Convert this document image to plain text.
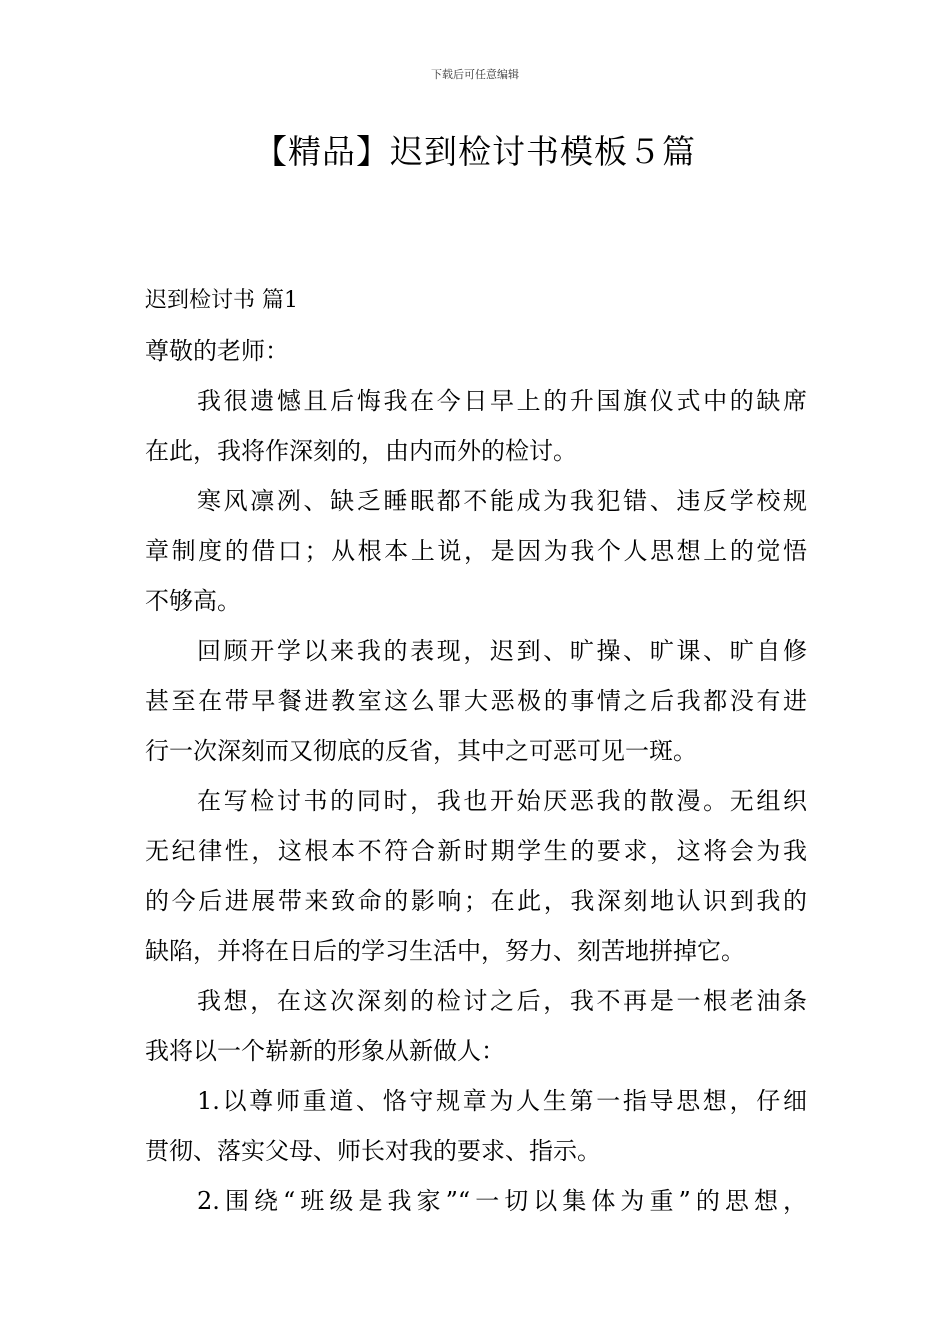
下载后可任意编辑
【精品】迟到检讨书模板５篇
迟到检讨书 篇1
尊敬的老师：
我很遗憾且后悔我在今日早上的升国旗仪式中的缺席
在此，我将作深刻的，由内而外的检讨。
寒风凛冽、缺乏睡眠都不能成为我犯错、违反学校规
章制度的借口；从根本上说，是因为我个人思想上的觉悟
不够高。
回顾开学以来我的表现，迟到、旷操、旷课、旷自修
甚至在带早餐进教室这么罪大恶极的事情之后我都没有进
行一次深刻而又彻底的反省，其中之可恶可见一斑。
在写检讨书的同时，我也开始厌恶我的散漫。无组织
无纪律性，这根本不符合新时期学生的要求，这将会为我
的今后进展带来致命的影响；在此，我深刻地认识到我的
缺陷，并将在日后的学习生活中，努力、刻苦地拼掉它。
我想，在这次深刻的检讨之后，我不再是一根老油条
我将以一个崭新的形象从新做人：
1.以尊师重道、恪守规章为人生第一指导思想，仔细
贯彻、落实父母、师长对我的要求、指示。
2.围绕“班级是我家”“一切以集体为重”的思想，
